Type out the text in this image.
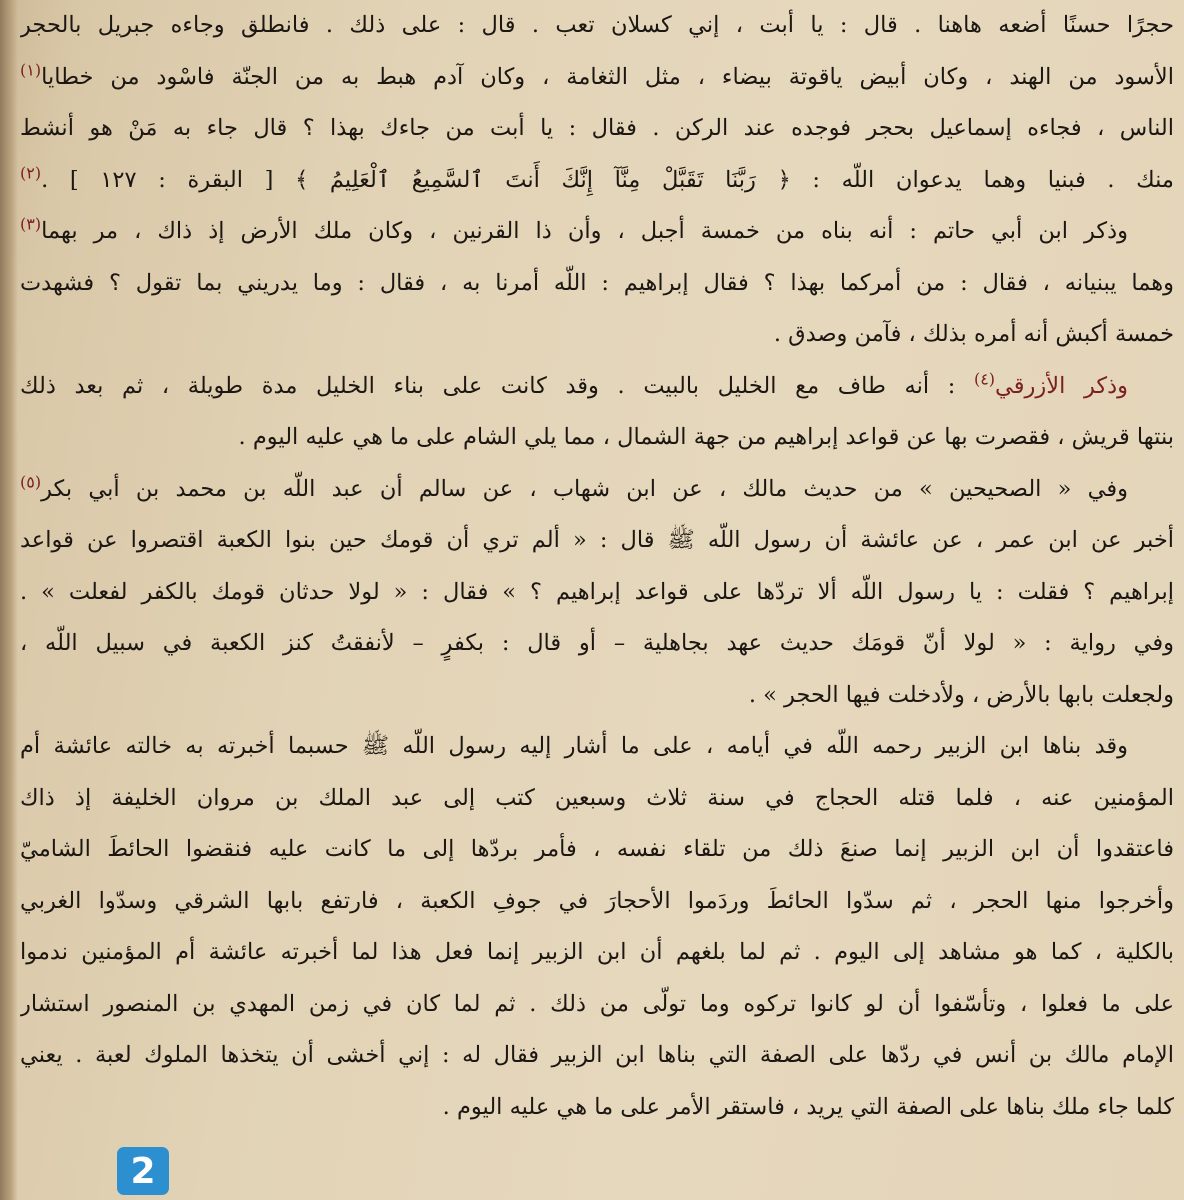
حجرًا حسنًا أضعه هاهنا . قال : يا أبت ، إني كسلان تعب . قال : على ذلك . فانطلق وجاءه جبريل بالحجر
الأسود من الهند ، وكان أبيض ياقوتة بيضاء ، مثل الثغامة ، وكان آدم هبط به من الجنّة فاسْود من خطايا$^{(١)}$
الناس ، فجاءه إسماعيل بحجر فوجده عند الركن . فقال : يا أبت من جاءك بهذا ؟ قال جاء به مَنْ هو أنشط
منك . فبنيا وهما يدعوان اللّه : ﴿ رَبَّنَا تَقَبَّلْ مِنَّآ إِنَّكَ أَنتَ ٱلسَّمِيعُ ٱلْعَلِيمُ ﴾ [ البقرة : ١٢٧ ] .$^{(٢)}$
وذكر ابن أبي حاتم : أنه بناه من خمسة أجبل ، وأن ذا القرنين ، وكان ملك الأرض إذ ذاك ، مر بهما$^{(٣)}$
وهما يبنيانه ، فقال : من أمركما بهذا ؟ فقال إبراهيم : اللّه أمرنا به ، فقال : وما يدريني بما تقول ؟ فشهدت
خمسة أكبش أنه أمره بذلك ، فآمن وصدق .
وذكر الأزرقي$^{(٤)}$ : أنه طاف مع الخليل بالبيت . وقد كانت على بناء الخليل مدة طويلة ، ثم بعد ذلك
بنتها قريش ، فقصرت بها عن قواعد إبراهيم من جهة الشمال ، مما يلي الشام على ما هي عليه اليوم .
وفي « الصحيحين » من حديث مالك ، عن ابن شهاب ، عن سالم أن عبد اللّه بن محمد بن أبي بكر$^{(٥)}$
أخبر عن ابن عمر ، عن عائشة أن رسول اللّه ﷺ قال : « ألم تري أن قومك حين بنوا الكعبة اقتصروا عن قواعد
إبراهيم ؟ فقلت : يا رسول اللّه ألا تردّها على قواعد إبراهيم ؟ » فقال : « لولا حدثان قومك بالكفر لفعلت » .
وفي رواية : « لولا أنّ قومَك حديث عهد بجاهلية – أو قال : بكفرٍ – لأنفقتُ كنز الكعبة في سبيل اللّه ،
ولجعلت بابها بالأرض ، ولأدخلت فيها الحجر » .
وقد بناها ابن الزبير رحمه اللّه في أيامه ، على ما أشار إليه رسول اللّه ﷺ حسبما أخبرته به خالته عائشة أم
المؤمنين عنه ، فلما قتله الحجاج في سنة ثلاث وسبعين كتب إلى عبد الملك بن مروان الخليفة إذ ذاك
فاعتقدوا أن ابن الزبير إنما صنعَ ذلك من تلقاء نفسه ، فأمر بردّها إلى ما كانت عليه فنقضوا الحائطَ الشاميّ
وأخرجوا منها الحجر ، ثم سدّوا الحائطَ وردَموا الأحجارَ في جوفِ الكعبة ، فارتفع بابها الشرقي وسدّوا الغربي
بالكلية ، كما هو مشاهد إلى اليوم . ثم لما بلغهم أن ابن الزبير إنما فعل هذا لما أخبرته عائشة أم المؤمنين ندموا
على ما فعلوا ، وتأسّفوا أن لو كانوا تركوه وما تولّى من ذلك . ثم لما كان في زمن المهدي بن المنصور استشار
الإمام مالك بن أنس في ردّها على الصفة التي بناها ابن الزبير فقال له : إني أخشى أن يتخذها الملوك لعبة . يعني
كلما جاء ملك بناها على الصفة التي يريد ، فاستقر الأمر على ما هي عليه اليوم .
2
